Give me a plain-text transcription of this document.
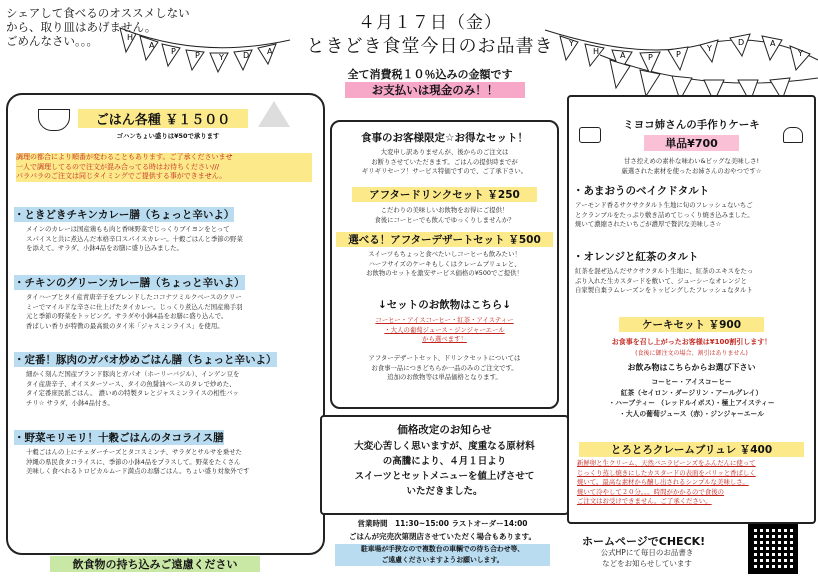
H
A
P P Y D A
Y
H	A	P	P
Y
D	A
Y
シェアして食べるのオススメしない
から、取り皿はあげません。
ごめんなさい。。。
４月１７日（金）
ときどき食堂今日のお品書き
全て消費税１０％込みの金額です
お支払いは現金のみ！！
ごはん各種 ￥１５００
ゴハンちょい盛りは¥50で承ります
調理の都合により順番が変わることもあります。ご了承くださいませ
一人で調理してるので注文が混み合ってる時はお待ちください///
パラパラのご注文は同じタイミングでご提供する事ができません。
・ときどきチキンカレー膳（ちょっと辛いよ）
メインのカレーは国産鶏もも肉と香味野菜でじっくりブイヨンをとって
スパイスと共に煮込んだ本格辛口スパイスカレー。十穀ごはんと季節の野菜
を添えて。サラダ、小鉢4品をお膳に盛り込みました。
・チキンのグリーンカレー膳（ちょっと辛いよ）
タイハーブとタイ産青唐辛子をブレンドしたココナツミルクベースのクリー
ミーでマイルドな辛さに仕上げたタイカレー。じっくり煮込んだ国産鶏手羽
元と季節の野菜をトッピング。サラダや小鉢4品をお膳に盛り込んで。
香ばしい香りが特徴の最高級のタイ米「ジャスミンライス」を使用。
・定番！豚肉のガパオ炒めごはん膳（ちょっと辛いよ）
細かく刻んだ国産ブランド豚肉とガパオ（ホーリーバジル）、インゲン豆を
タイ産唐辛子、オイスターソース、タイの魚醤油ベースのタレで炒めた、
タイ定番庶民派ごはん。 濃いめの特製タレとジャスミンライスの相性バッ
チリ☆ サラダ、小鉢4品付き。
・野菜モリモリ！十穀ごはんのタコライス膳
十穀ごはんの上にチェダーチーズとタコスミンチ、サラダとサルサを乗せた
沖縄の県民食タコライスに、季節の小鉢4品をプラスして。野菜をたくさん
美味しく食べれるトロピカルムード満点のお膳ごはん。ちょい盛り対象外です
飲食物の持ち込みご遠慮ください
食事のお客様限定☆お得なセット！
大変申し訳ありませんが、後からのご注文は
お断りさせていただきます。ごはんの提供時までが
ギリギリセーフ！サービス特価ですので、ご了承下さい。
アフタードリンクセット ￥250
こだわりの美味しいお飲物をお得にご提供！
食後にコーヒーでも飲んでゆっくりしませんか？
選べる！アフターデザートセット ￥500
スイーツもちょっと食べたいしコーヒーも飲みたい！
ハーフサイズのケーキもしくはクレームブリュレと、
お飲物のセットを激安サービス価格の¥500でご提供！
↓セットのお飲物はこちら↓
コーヒー・アイスコーヒー・紅茶・アイスティー
・大人の葡萄ジュース・ジンジャーエール
から選べます！
アフターデザートセット、ドリンクセットについては
お食事一品につきどちらか一品のみのご注文です。
追加のお飲物等は単品価格となります。
価格改定のお知らせ
大変心苦しく思いますが、度重なる原材料
の高騰により、４月１日より
スイーツとセットメニューを値上げさせて
いただきました。
営業時間　11:30~15:00 ラストオーダー14:00
ごはんが完売次第閉店させていただく場合もあります。
駐車場が手狭なので複数台の車輌での待ち合わせ等、
ご遠慮くださいますようお願いします。
ミヨコ姉さんの手作りケーキ
単品¥700
甘さ控えめの素朴な味わい&ビッグな美味しさ!
厳選された素材を使ったお姉さんのおやつです☆
・あまおうのベイクドタルト
アーモンド香るサクサクタルト生地に旬のフレッシュないちご
とクランブルをたっぷり敷き詰めてじっくり焼き込みました。
焼いて濃縮されたいちごが濃厚で贅沢な美味しさ☆
・オレンジと紅茶のタルト
紅茶を混ぜ込んだサクサクタルト生地に、紅茶のエキスをたっ
ぷり入れた生カスタードを敷いて、ジューシーなオレンジと
自家製自棄ラムレーズンをトッピングしたフレッシュなタルト
ケーキセット ￥900
お食事を召し上がったお客様は¥100割引します！
(食後に御注文の場合、割引はありません)
お飲み物はこちらからお選び下さい
コーヒー・アイスコーヒー
紅茶（セイロン・ダージリン・アールグレイ）
・ハーブティー （レッドルイボス）・極上アイスティー
・大人の葡萄ジュース（赤）・ジンジャーエール
とろとろクレームブリュレ ￥400
新鮮卵と生クリーム、天然バニラビーンズをふんだんに使って
じっくり蒸し焼きにしたカスタードの表面をパリッと香ばしく
焼いて。最高な素材から醸し出されるシンプルな美味しさ。
焼いて冷やして２０分。。。時間がかかるので食後の
ご注文はお受けできません。ご了承ください。
ホームページでCHECK!
公式HPにて毎日のお品書き
などをお知らせしています
